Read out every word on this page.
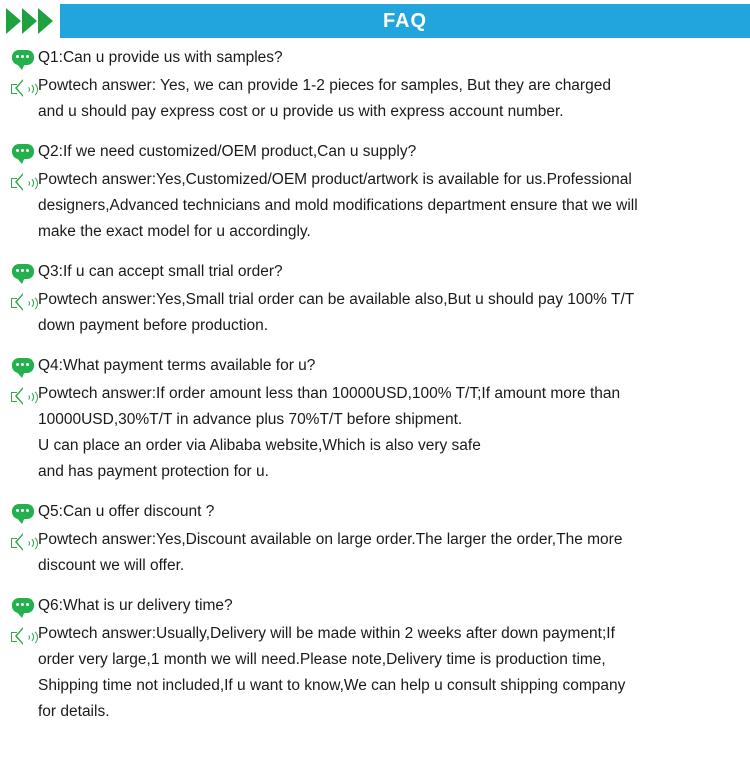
FAQ
Q1:Can u provide us with samples?
Powtech answer: Yes, we can provide 1-2 pieces for samples, But they are charged
and u should pay express cost or u provide us with express account number.
Q2:If we need customized/OEM product,Can u supply?
Powtech answer:Yes,Customized/OEM product/artwork is available for us.Professional
designers,Advanced technicians and mold modifications department ensure that we will
make the exact model for u accordingly.
Q3:If u can accept small trial order?
Powtech answer:Yes,Small trial order can be available also,But u should pay 100% T/T
down payment before production.
Q4:What payment terms available for u?
Powtech answer:If order amount less than 10000USD,100% T/T;If amount more than
10000USD,30%T/T in advance plus 70%T/T before shipment.
U can place an order via Alibaba website,Which is also very safe
and has payment protection for u.
Q5:Can u offer discount ?
Powtech answer:Yes,Discount available on large order.The larger the order,The more
discount we will offer.
Q6:What is ur delivery time?
Powtech answer:Usually,Delivery will be made within 2 weeks after down payment;If
order very large,1 month we will need.Please note,Delivery time is production time,
Shipping time not included,If u want to know,We can help u consult shipping company
for details.
